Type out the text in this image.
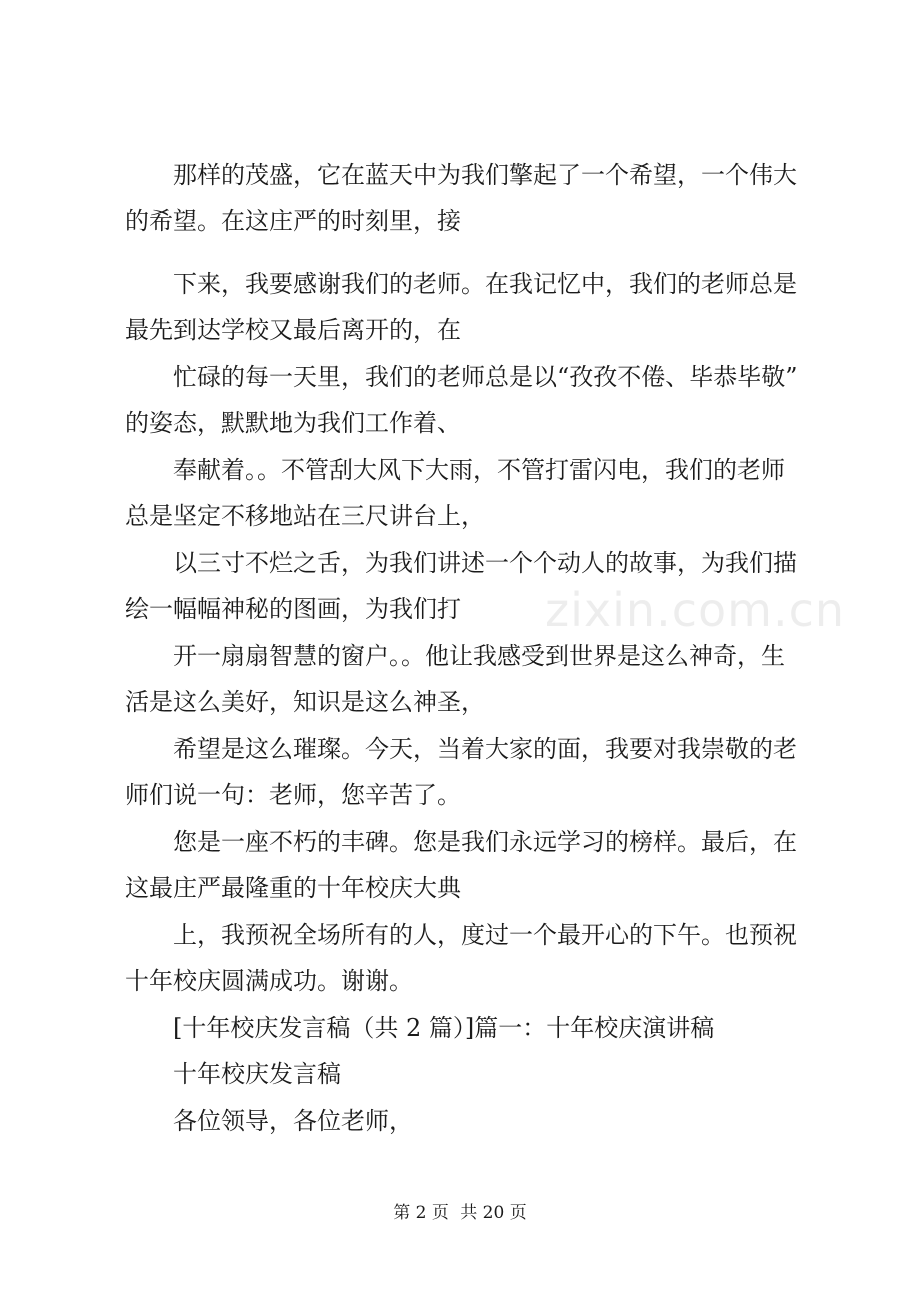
那样的茂盛，它在蓝天中为我们擎起了一个希望，一个伟大
的希望。在这庄严的时刻里，接
下来，我要感谢我们的老师。在我记忆中，我们的老师总是
最先到达学校又最后离开的，在
忙碌的每一天里，我们的老师总是以“孜孜不倦、毕恭毕敬”
的姿态，默默地为我们工作着、
奉献着。。不管刮大风下大雨，不管打雷闪电，我们的老师
总是坚定不移地站在三尺讲台上，
以三寸不烂之舌，为我们讲述一个个动人的故事，为我们描
绘一幅幅神秘的图画，为我们打
开一扇扇智慧的窗户。。他让我感受到世界是这么神奇，生
活是这么美好，知识是这么神圣，
希望是这么璀璨。今天，当着大家的面，我要对我崇敬的老
师们说一句：老师，您辛苦了。
您是一座不朽的丰碑。您是我们永远学习的榜样。最后，在
这最庄严最隆重的十年校庆大典
上，我预祝全场所有的人，度过一个最开心的下午。也预祝
十年校庆圆满成功。谢谢。
[十年校庆发言稿（共 2 篇）]篇一：十年校庆演讲稿
十年校庆发言稿
各位领导，各位老师，
zixin.com.cn
第 2 页 共 20 页
